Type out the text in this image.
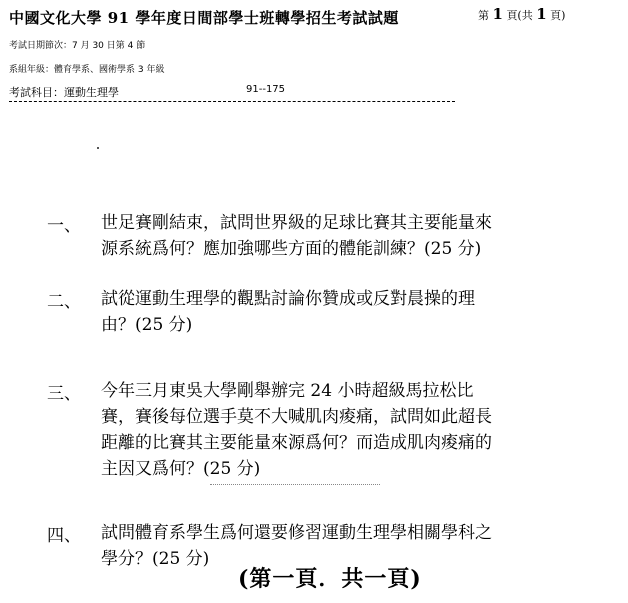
中國文化大學 91 學年度日間部學士班轉學招生考試試題	第 1 頁(共 1 頁)
考試日期節次：7 月 30 日第 4 節
系組年級：體育學系、國術學系 3 年級
考試科目：運動生理學	91--175
一、 世足賽剛結束，試問世界級的足球比賽其主要能量來
源系統爲何？應加強哪些方面的體能訓練？(25 分)
二、 試從運動生理學的觀點討論你贊成或反對晨操的理
由？(25 分)
三、 今年三月東吳大學剛舉辦完 24 小時超級馬拉松比
賽，賽後每位選手莫不大喊肌肉痠痛，試問如此超長
距離的比賽其主要能量來源爲何？而造成肌肉痠痛的
主因又爲何？(25 分)
四、 試問體育系學生爲何還要修習運動生理學相關學科之
學分？(25 分)
(第一頁．共一頁)
